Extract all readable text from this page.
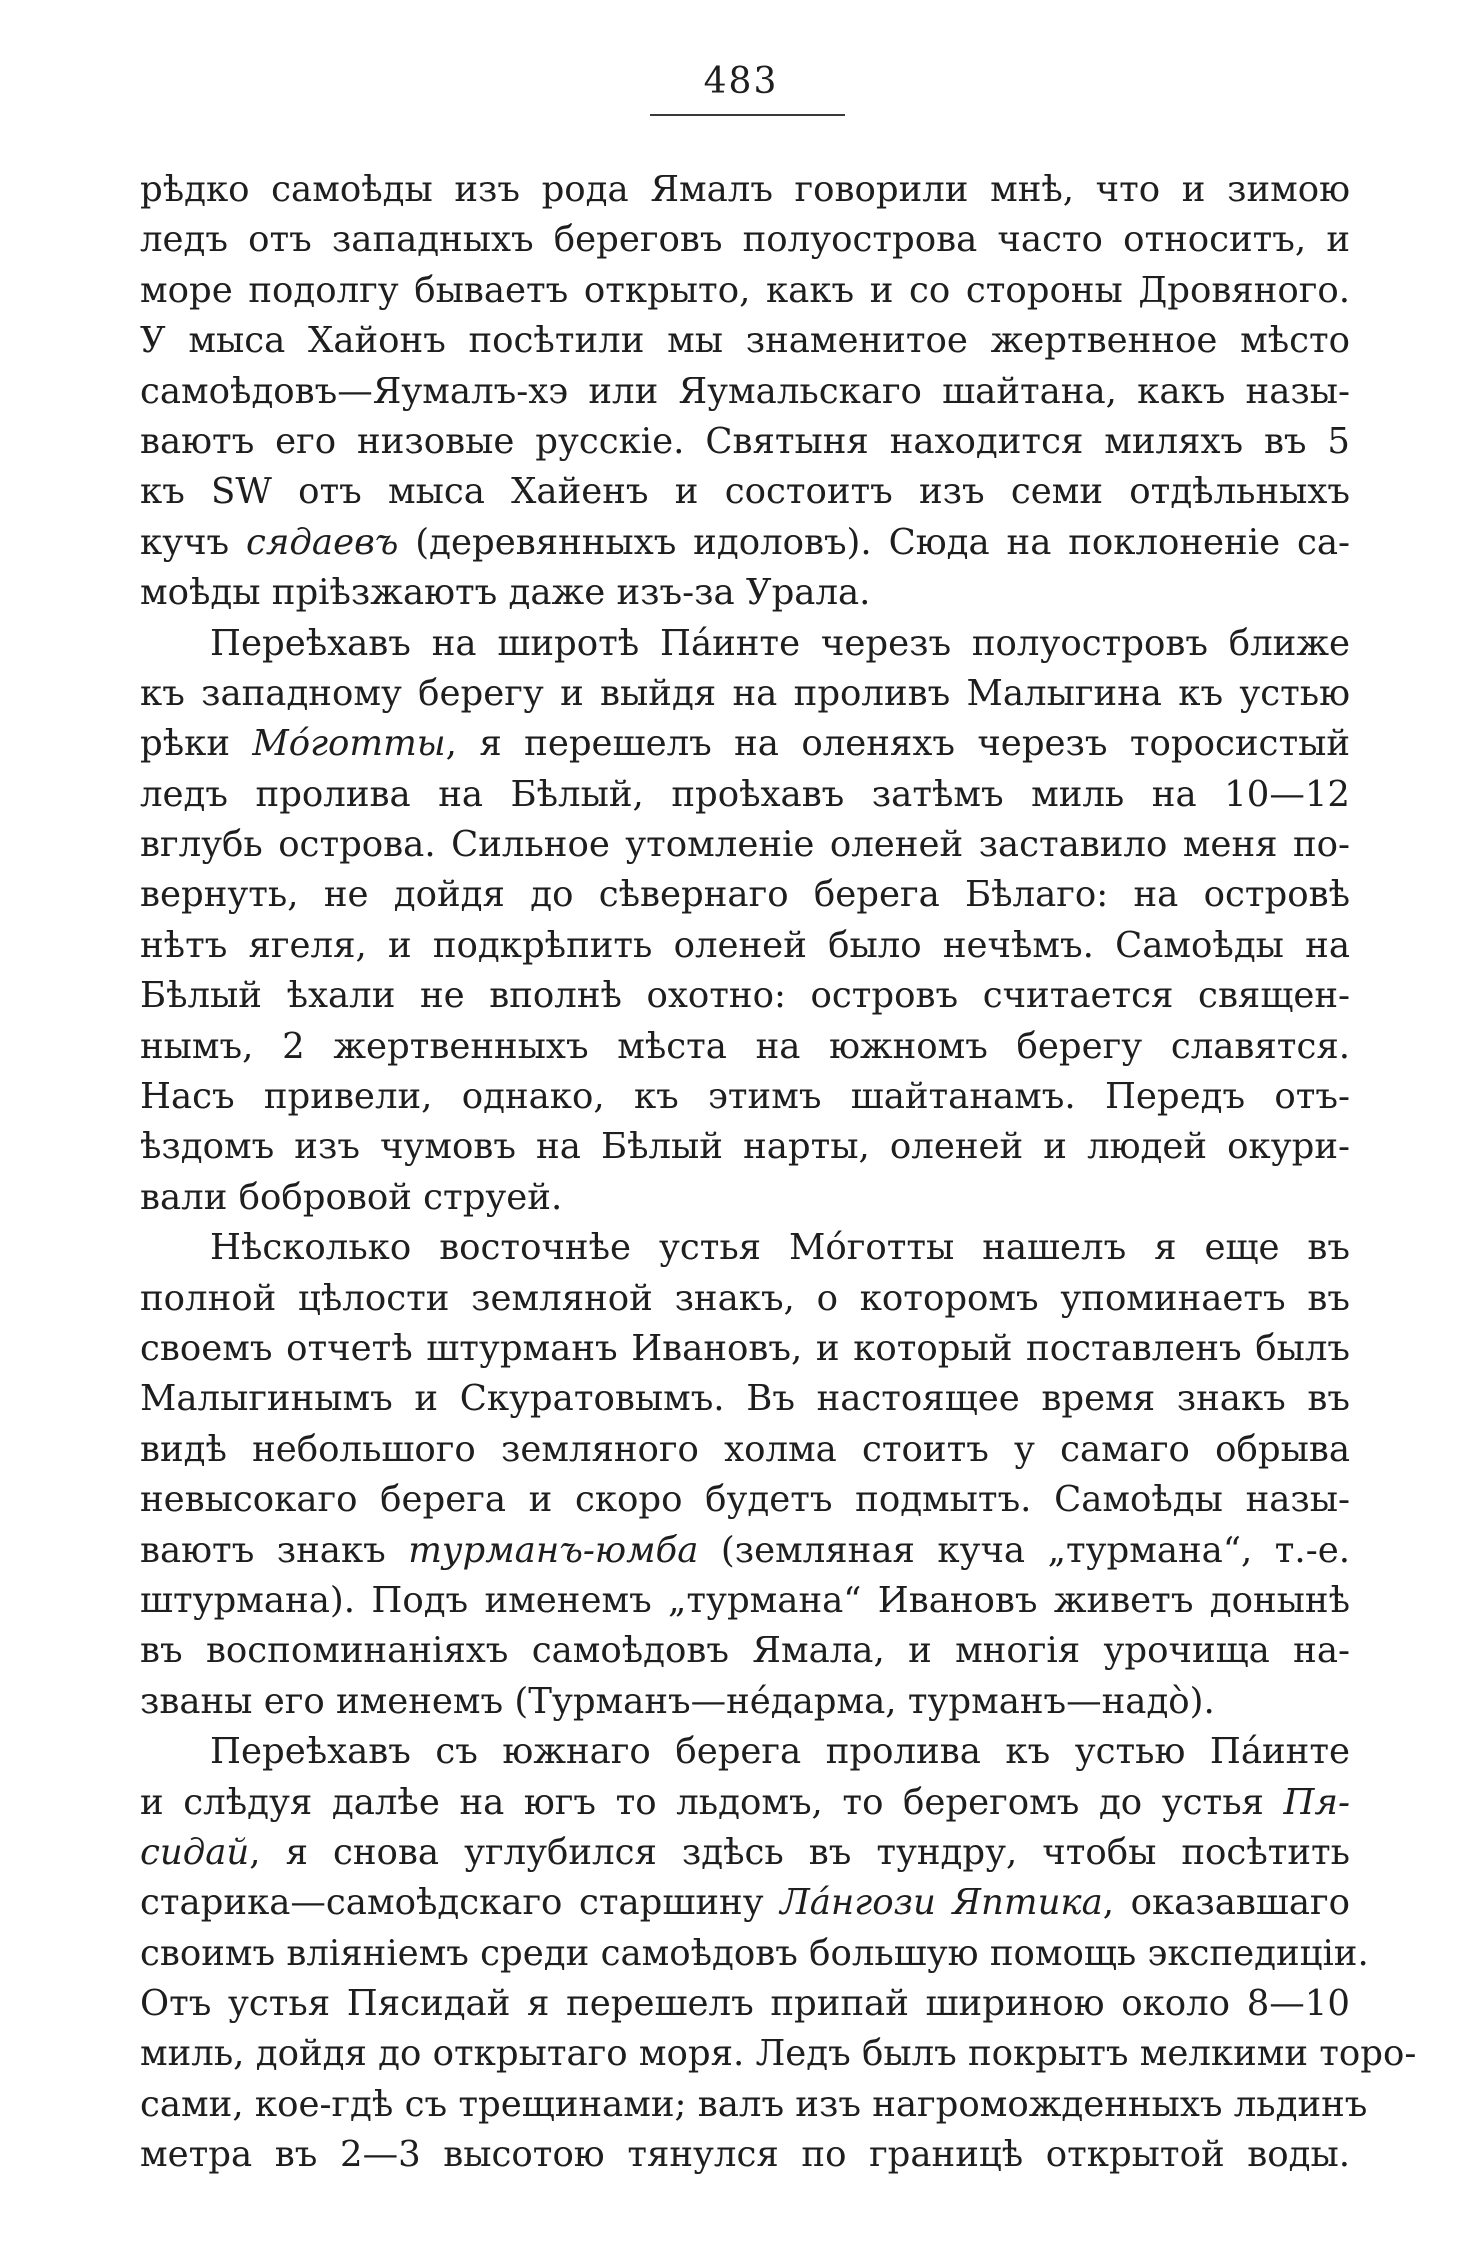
483
рѣдко самоѣды изъ рода Ямалъ говорили мнѣ, что и зимою
ледъ отъ западныхъ береговъ полуострова часто относитъ, и
море подолгу бываетъ открыто, какъ и со стороны Дровяного.
У мыса Хайонъ посѣтили мы знаменитое жертвенное мѣсто
самоѣдовъ—Яумалъ-хэ или Яумальскаго шайтана, какъ назы-
ваютъ его низовые русскіе. Святыня находится миляхъ въ 5
къ SW отъ мыса Хайенъ и состоитъ изъ семи отдѣльныхъ
кучъ сядаевъ (деревянныхъ идоловъ). Сюда на поклоненіе са-
моѣды пріѣзжаютъ даже изъ-за Урала.
Переѣхавъ на широтѣ Пáинте черезъ полуостровъ ближе
къ западному берегу и выйдя на проливъ Малыгина къ устью
рѣки Мóготты, я перешелъ на оленяхъ черезъ торосистый
ледъ пролива на Бѣлый, проѣхавъ затѣмъ миль на 10—12
вглубь острова. Сильное утомленіе оленей заставило меня по-
вернуть, не дойдя до сѣвернаго берега Бѣлаго: на островѣ
нѣтъ ягеля, и подкрѣпить оленей было нечѣмъ. Самоѣды на
Бѣлый ѣхали не вполнѣ охотно: островъ считается священ-
нымъ, 2 жертвенныхъ мѣста на южномъ берегу славятся.
Насъ привели, однако, къ этимъ шайтанамъ. Передъ отъ-
ѣздомъ изъ чумовъ на Бѣлый нарты, оленей и людей окури-
вали бобровой струей.
Нѣсколько восточнѣе устья Мóготты нашелъ я еще въ
полной цѣлости земляной знакъ, о которомъ упоминаетъ въ
своемъ отчетѣ штурманъ Ивановъ, и который поставленъ былъ
Малыгинымъ и Скуратовымъ. Въ настоящее время знакъ въ
видѣ небольшого земляного холма стоитъ у самаго обрыва
невысокаго берега и скоро будетъ подмытъ. Самоѣды назы-
ваютъ знакъ турманъ-юмба (земляная куча „турмана“, т.-е.
штурмана). Подъ именемъ „турмана“ Ивановъ живетъ донынѣ
въ воспоминаніяхъ самоѣдовъ Ямала, и многія урочища на-
званы его именемъ (Турманъ—нéдарма, турманъ—надò).
Переѣхавъ съ южнаго берега пролива къ устью Пáинте
и слѣдуя далѣе на югъ то льдомъ, то берегомъ до устья Пя-
сидай, я снова углубился здѣсь въ тундру, чтобы посѣтить
старика—самоѣдскаго старшину Лáнгози Яптика, оказавшаго
своимъ вліяніемъ среди самоѣдовъ большую помощь экспедиціи.
Отъ устья Пясидай я перешелъ припай шириною около 8—10
миль, дойдя до открытаго моря. Ледъ былъ покрытъ мелкими торо-
сами, кое-гдѣ съ трещинами; валъ изъ нагроможденныхъ льдинъ
метра въ 2—3 высотою тянулся по границѣ открытой воды.
